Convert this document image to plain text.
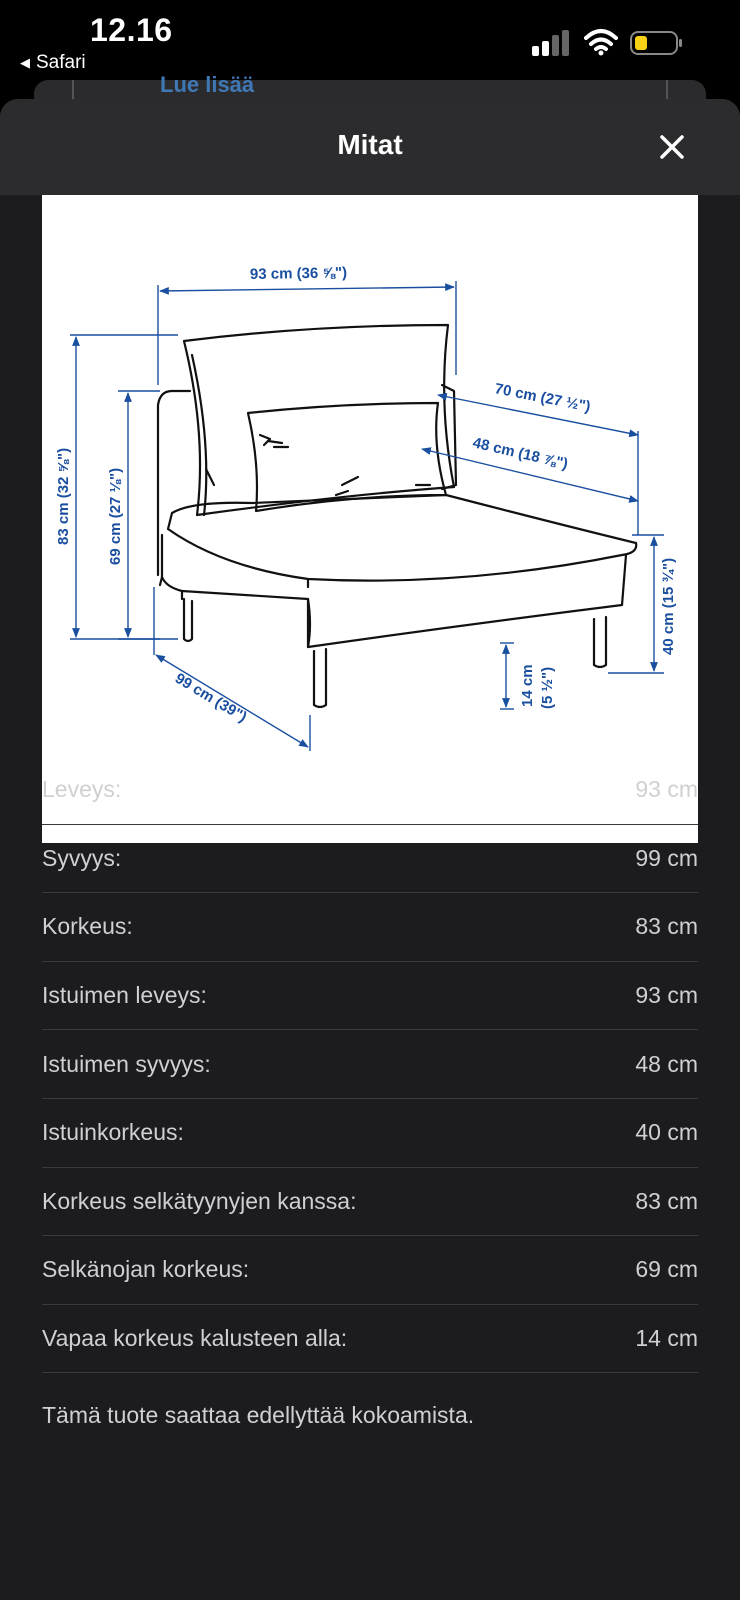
12.16
◀ Safari
Lue lisää
Mitat
93 cm (36 ⅝")
83 cm (32 ⅝") 69 cm (27 ⅛")
99 cm (39")
70 cm (27 ½")
48 cm (18 ⅞")
40 cm (15 ¾")
14 cm (5 ½")
Leveys:	93 cm
Syvyys:	99 cm
Korkeus:	83 cm
Istuimen leveys:	93 cm
Istuimen syvyys:	48 cm
Istuinkorkeus:	40 cm
Korkeus selkätyynyjen kanssa:	83 cm
Selkänojan korkeus:	69 cm
Vapaa korkeus kalusteen alla:	14 cm
Tämä tuote saattaa edellyttää kokoamista.
